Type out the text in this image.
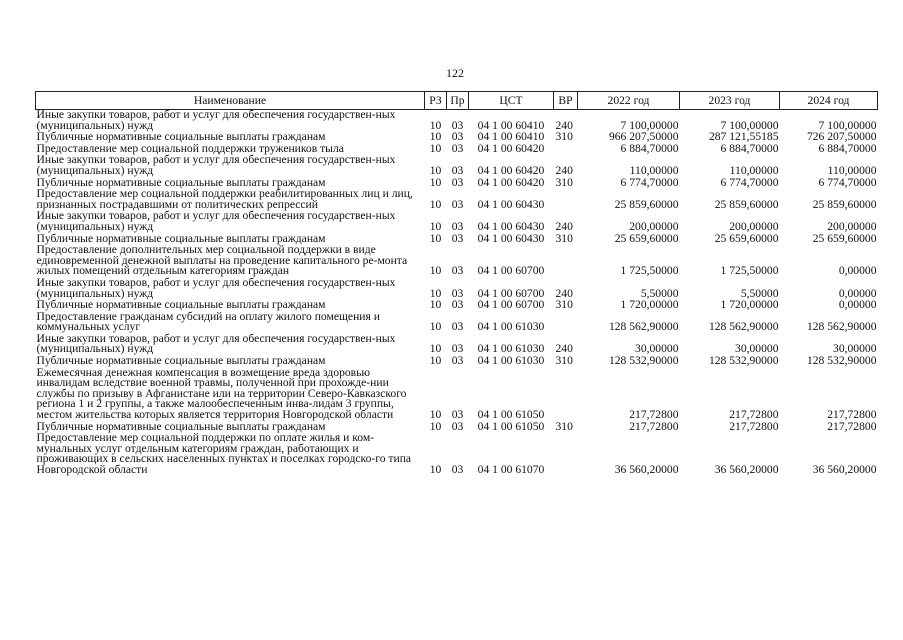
122
Наименование	РЗ	Пр	ЦСТ	ВР	2022 год	2023 год	2024 год
Иные закупки товаров, работ и услуг для обеспечения государствен-ных (муниципальных) нужд	10	03	04 1 00 60410	240	7 100,00000	7 100,00000	7 100,00000
Публичные нормативные социальные выплаты гражданам	10	03	04 1 00 60410	310	966 207,50000	287 121,55185	726 207,50000
Предоставление мер социальной поддержки тружеников тыла	10	03	04 1 00 60420		6 884,70000	6 884,70000	6 884,70000
Иные закупки товаров, работ и услуг для обеспечения государствен-ных (муниципальных) нужд	10	03	04 1 00 60420	240	110,00000	110,00000	110,00000
Публичные нормативные социальные выплаты гражданам	10	03	04 1 00 60420	310	6 774,70000	6 774,70000	6 774,70000
Предоставление мер социальной поддержки реабилитированных лиц и лиц, признанных пострадавшими от политических репрессий	10	03	04 1 00 60430		25 859,60000	25 859,60000	25 859,60000
Иные закупки товаров, работ и услуг для обеспечения государствен-ных (муниципальных) нужд	10	03	04 1 00 60430	240	200,00000	200,00000	200,00000
Публичные нормативные социальные выплаты гражданам	10	03	04 1 00 60430	310	25 659,60000	25 659,60000	25 659,60000
Предоставление дополнительных мер социальной поддержки в виде единовременной денежной выплаты на проведение капитального ре-монта жилых помещений отдельным категориям граждан	10	03	04 1 00 60700		1 725,50000	1 725,50000	0,00000
Иные закупки товаров, работ и услуг для обеспечения государствен-ных (муниципальных) нужд	10	03	04 1 00 60700	240	5,50000	5,50000	0,00000
Публичные нормативные социальные выплаты гражданам	10	03	04 1 00 60700	310	1 720,00000	1 720,00000	0,00000
Предоставление гражданам субсидий на оплату жилого помещения и коммунальных услуг	10	03	04 1 00 61030		128 562,90000	128 562,90000	128 562,90000
Иные закупки товаров, работ и услуг для обеспечения государствен-ных (муниципальных) нужд	10	03	04 1 00 61030	240	30,00000	30,00000	30,00000
Публичные нормативные социальные выплаты гражданам	10	03	04 1 00 61030	310	128 532,90000	128 532,90000	128 532,90000
Ежемесячная денежная компенсация в возмещение вреда здоровью инвалидам вследствие военной травмы, полученной при прохожде-нии службы по призыву в Афганистане или на территории Северо-Кавказского региона 1 и 2 группы, а также малообеспеченным инва-лидам 3 группы, местом жительства которых является территория Новгородской области	10	03	04 1 00 61050		217,72800	217,72800	217,72800
Публичные нормативные социальные выплаты гражданам	10	03	04 1 00 61050	310	217,72800	217,72800	217,72800
Предоставление мер социальной поддержки по оплате жилья и ком-мунальных услуг отдельным категориям граждан, работающих и проживающих в сельских населенных пунктах и поселках городско-го типа Новгородской области	10	03	04 1 00 61070		36 560,20000	36 560,20000	36 560,20000
